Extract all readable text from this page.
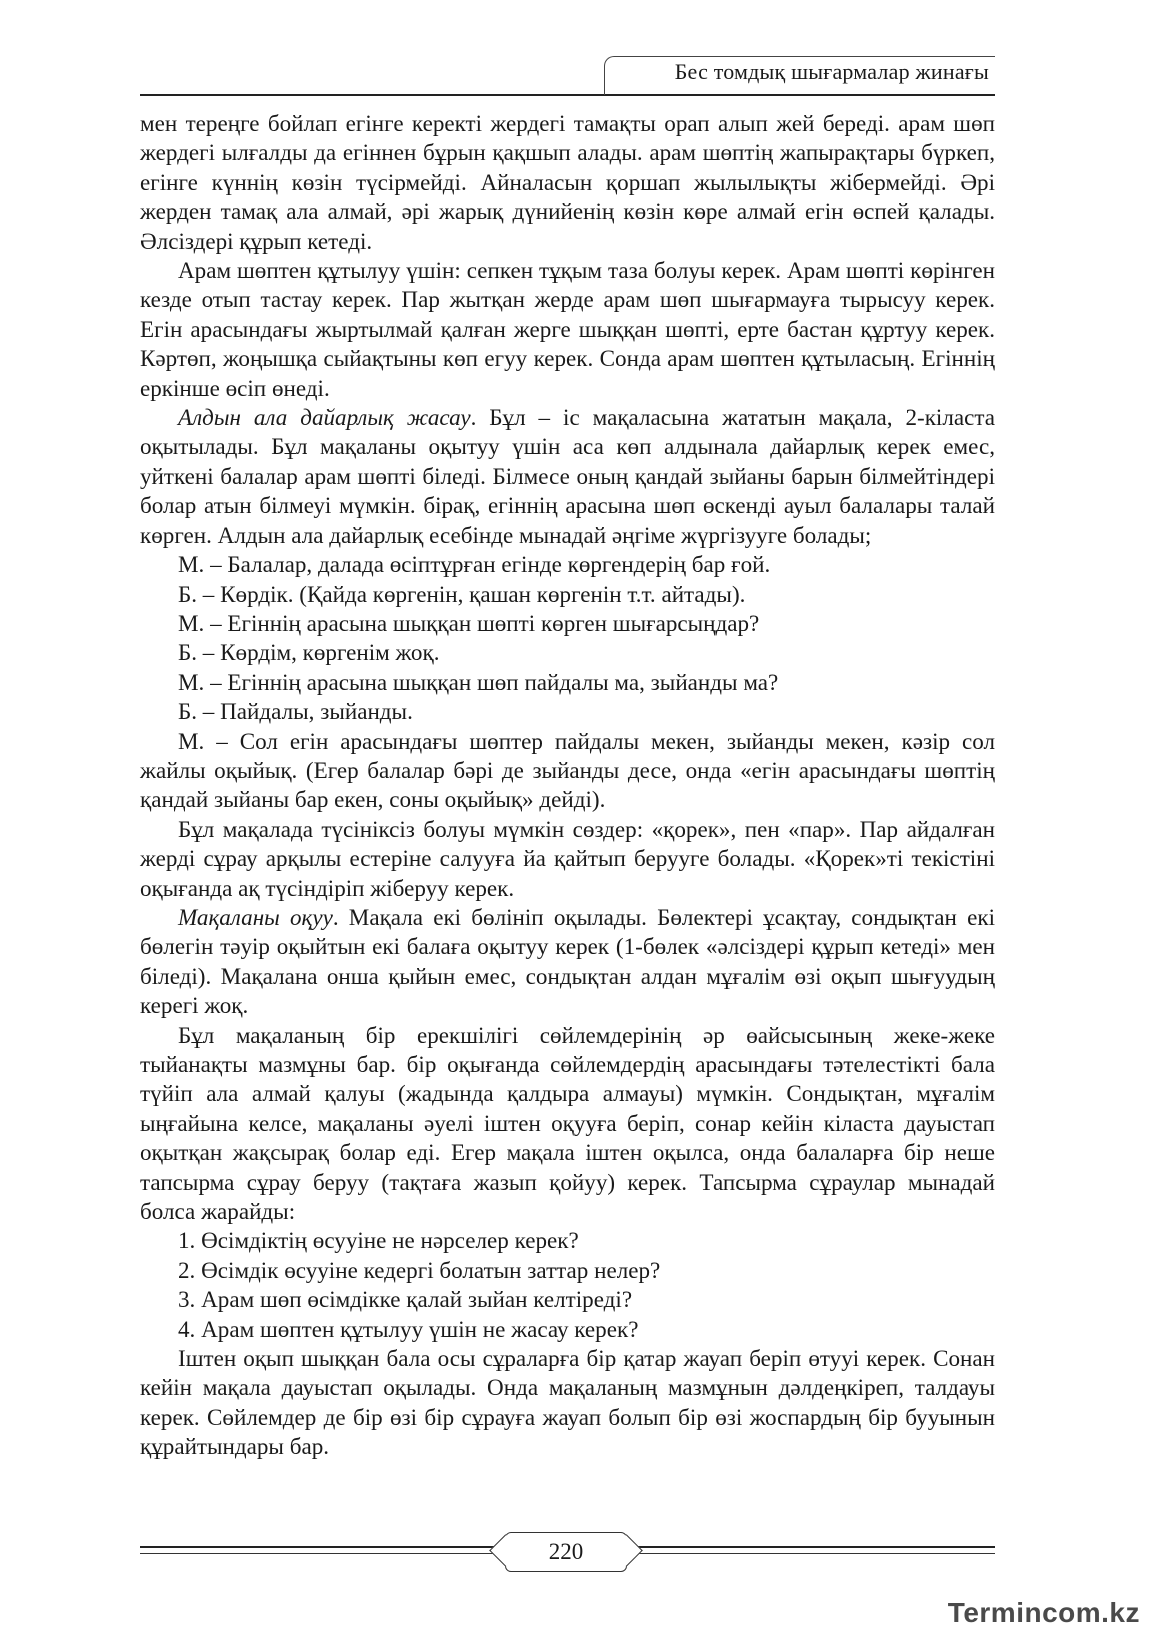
Бес томдық шығармалар жинағы

мен тереңге бойлап егінге керекті жердегі тамақты орап алып жей береді. арам шөп жердегі ылғалды да егіннен бұрын қақшып алады. арам шөптің жапырақтары бүркеп, егінге күннің көзін түсірмейді. Айналасын қоршап жылылықты жібермейді. Әрі жерден тамақ ала алмай, әрі жарық дүнийенің көзін көре алмай егін өспей қалады. Әлсіздері құрып кетеді.

Арам шөптен құтылуу үшін: сепкен тұқым таза болуы керек. Арам шөпті көрінген кезде отып тастау керек. Пар жытқан жерде арам шөп шығармауға тырысуу керек. Егін арасындағы жыртылмай қалған жерге шыққан шөпті, ерте бастан құртуу керек. Кәртөп, жоңышқа сыйақтыны көп егуу керек. Сонда арам шөптен құтыласың. Егіннің еркінше өсіп өнеді.

Алдын ала дайарлық жасау. Бұл – іс мақаласына жататын мақала, 2-кіласта оқытылады. Бұл мақаланы оқытуу үшін аса көп алдынала дайарлық керек емес, уйткені балалар арам шөпті біледі. Білмесе оның қандай зыйаны барын білмейтіндері болар атын білмеуі мүмкін. бірақ, егіннің арасына шөп өскенді ауыл балалары талай көрген. Алдын ала дайарлық есебінде мынадай әңгіме жүргізууге болады;

М. – Балалар, далада өсіптұрған егінде көргендерің бар ғой.

Б. – Көрдік. (Қайда көргенін, қашан көргенін т.т. айтады).

М. – Егіннің арасына шыққан шөпті көрген шығарсыңдар?

Б. – Көрдім, көргенім жоқ.

М. – Егіннің арасына шыққан шөп пайдалы ма, зыйанды ма?

Б. – Пайдалы, зыйанды.

М. – Сол егін арасындағы шөптер пайдалы мекен, зыйанды мекен, кәзір сол жайлы оқыйық. (Егер балалар бәрі де зыйанды десе, онда «егін арасындағы шөптің қандай зыйаны бар екен, соны оқыйық» дейді).

Бұл мақалада түсініксіз болуы мүмкін сөздер: «қорек», пен «пар». Пар айдалған жерді сұрау арқылы естеріне салууға йа қайтып берууге болады. «Қорек»ті текістіні оқығанда ақ түсіндіріп жіберуу керек.

Мақаланы оқуу. Мақала екі бөлініп оқылады. Бөлектері ұсақтау, сондықтан екі бөлегін тәуір оқыйтын екі балаға оқытуу керек (1-бөлек «әлсіздері құрып кетеді» мен біледі). Мақалана онша қыйын емес, сондықтан алдан мұғалім өзі оқып шығуудың керегі жоқ.

Бұл мақаланың бір ерекшілігі сөйлемдерінің әр өайсысының жеке-жеке тыйанақты мазмұны бар. бір оқығанда сөйлемдердің арасындағы тәтелестікті бала түйіп ала алмай қалуы (жадында қалдыра алмауы) мүмкін. Сондықтан, мұғалім ыңғайына келсе, мақаланы әуелі іштен оқууға беріп, сонар кейін кіласта дауыстап оқытқан жақсырақ болар еді. Егер мақала іштен оқылса, онда балаларға бір неше тапсырма сұрау беруу (тақтаға жазып қойуу) керек. Тапсырма сұраулар мынадай болса жарайды:

1. Өсімдіктің өсууіне не нәрселер керек?

2. Өсімдік өсууіне кедергі болатын заттар нелер?

3. Арам шөп өсімдікке қалай зыйан келтіреді?

4. Арам шөптен құтылуу үшін не жасау керек?

Іштен оқып шыққан бала осы сұраларға бір қатар жауап беріп өтууі керек. Сонан кейін мақала дауыстап оқылады. Онда мақаланың мазмұнын дәлдеңкіреп, талдауы керек. Сөйлемдер де бір өзі бір сұрауға жауап болып бір өзі жоспардың бір бууынын құрайтындары бар.

220
Termincom.kz
